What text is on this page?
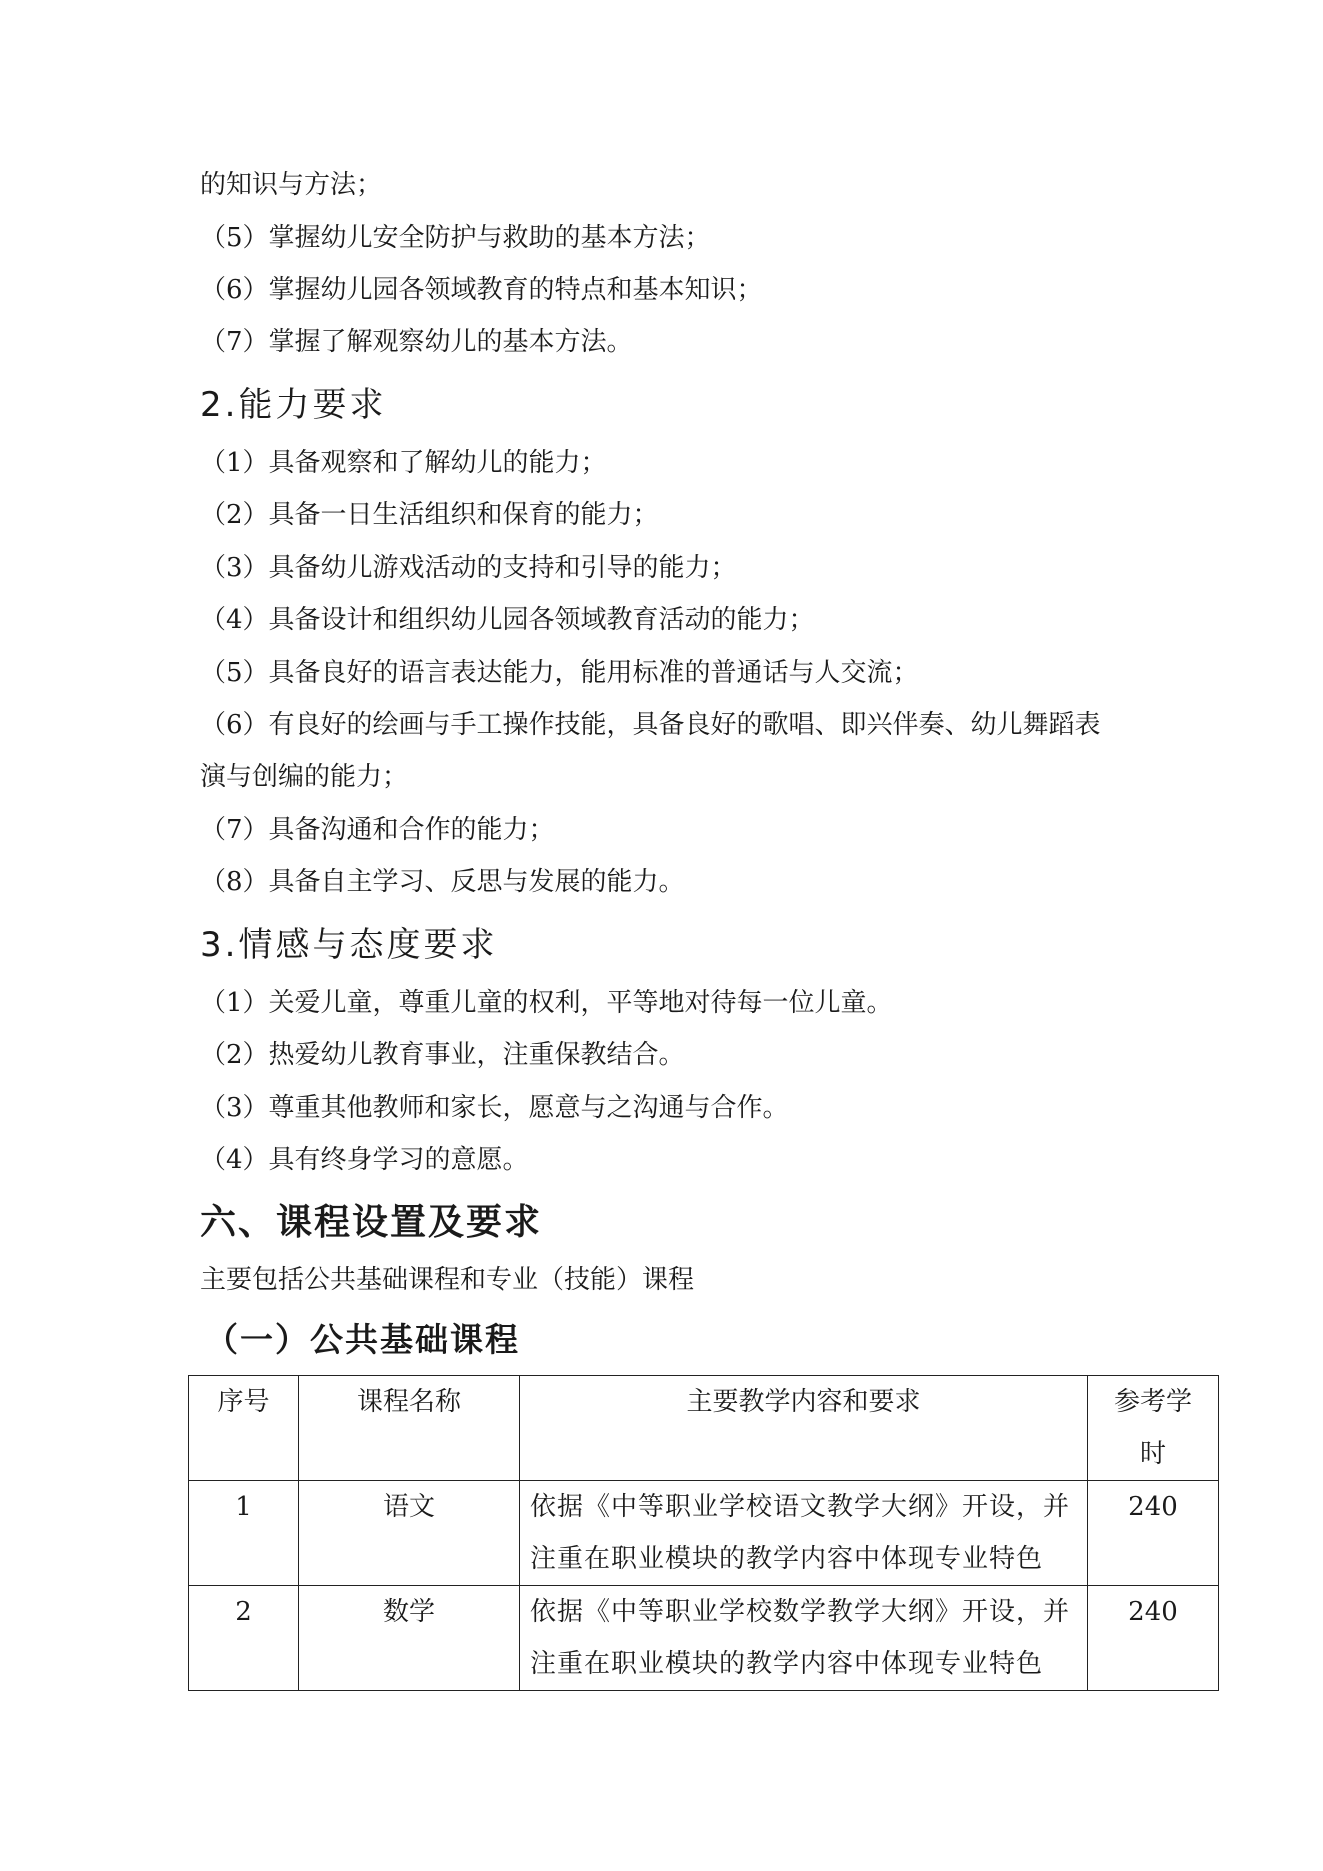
的知识与方法；
（5）掌握幼儿安全防护与救助的基本方法；
（6）掌握幼儿园各领域教育的特点和基本知识；
（7）掌握了解观察幼儿的基本方法。
2.能力要求
（1）具备观察和了解幼儿的能力；
（2）具备一日生活组织和保育的能力；
（3）具备幼儿游戏活动的支持和引导的能力；
（4）具备设计和组织幼儿园各领域教育活动的能力；
（5）具备良好的语言表达能力，能用标准的普通话与人交流；
（6）有良好的绘画与手工操作技能，具备良好的歌唱、即兴伴奏、幼儿舞蹈表
演与创编的能力；
（7）具备沟通和合作的能力；
（8）具备自主学习、反思与发展的能力。
3.情感与态度要求
（1）关爱儿童，尊重儿童的权利，平等地对待每一位儿童。
（2）热爱幼儿教育事业，注重保教结合。
（3）尊重其他教师和家长，愿意与之沟通与合作。
（4）具有终身学习的意愿。
六、课程设置及要求
主要包括公共基础课程和专业（技能）课程
（一）公共基础课程
序号	课程名称	主要教学内容和要求	参考学时
1	语文	依据《中等职业学校语文教学大纲》开设，并注重在职业模块的教学内容中体现专业特色	240
2	数学	依据《中等职业学校数学教学大纲》开设，并注重在职业模块的教学内容中体现专业特色	240
